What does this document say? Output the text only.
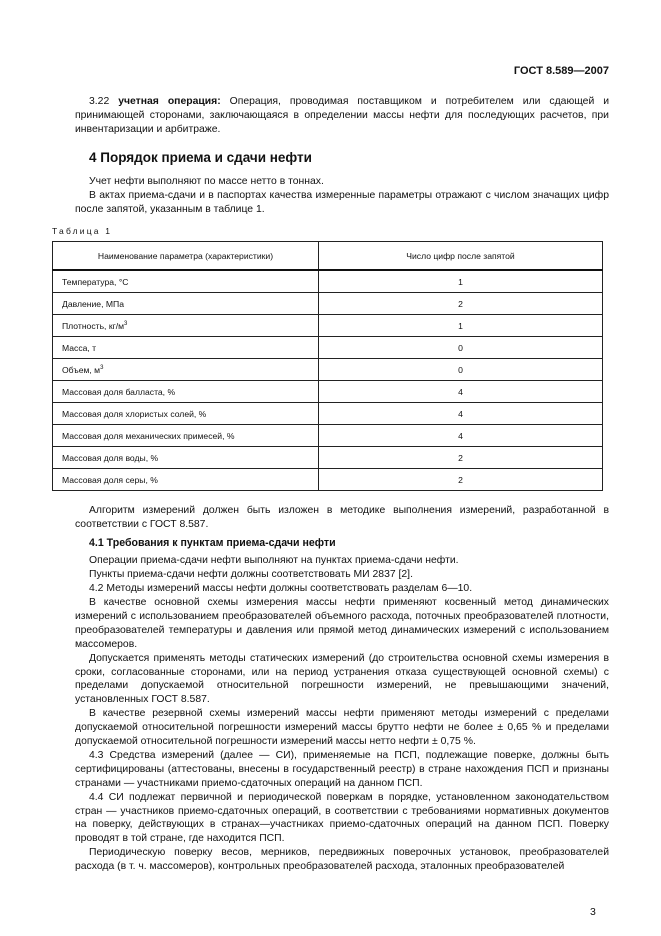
ГОСТ 8.589—2007
3.22 учетная операция: Операция, проводимая поставщиком и потребителем или сдающей и принимающей сторонами, заключающаяся в определении массы нефти для последующих расчетов, при инвентаризации и арбитраже.
4 Порядок приема и сдачи нефти
Учет нефти выполняют по массе нетто в тоннах.
В актах приема-сдачи и в паспортах качества измеренные параметры отражают с числом значащих цифр после запятой, указанным в таблице 1.
Таблица 1
Наименование параметра (характеристики)	Число цифр после запятой
Температура, °С	1
Давление, МПа	2
Плотность, $кг/м^3$	1
Масса, т	0
Объем, $м^3$	0
Массовая доля балласта, %	4
Массовая доля хлористых солей, %	4
Массовая доля механических примесей, %	4
Массовая доля воды, %	2
Массовая доля серы, %	2
Алгоритм измерений должен быть изложен в методике выполнения измерений, разработанной в соответствии с ГОСТ 8.587.
4.1 Требования к пунктам приема-сдачи нефти
Операции приема-сдачи нефти выполняют на пунктах приема-сдачи нефти.
Пункты приема-сдачи нефти должны соответствовать МИ 2837 [2].
4.2 Методы измерений массы нефти должны соответствовать разделам 6—10.
В качестве основной схемы измерения массы нефти применяют косвенный метод динамических измерений с использованием преобразователей объемного расхода, поточных преобразователей плотности, преобразователей температуры и давления или прямой метод динамических измерений с использованием массомеров.
Допускается применять методы статических измерений (до строительства основной схемы измерения в сроки, согласованные сторонами, или на период устранения отказа существующей основной схемы) с пределами допускаемой относительной погрешности измерений, не превышающими значений, установленных ГОСТ 8.587.
В качестве резервной схемы измерений массы нефти применяют методы измерений с пределами допускаемой относительной погрешности измерений массы брутто нефти не более ± 0,65 % и пределами допускаемой относительной погрешности измерений массы нетто нефти ± 0,75 %.
4.3 Средства измерений (далее — СИ), применяемые на ПСП, подлежащие поверке, должны быть сертифицированы (аттестованы, внесены в государственный реестр) в стране нахождения ПСП и признаны странами — участниками приемо-сдаточных операций на данном ПСП.
4.4 СИ подлежат первичной и периодической поверкам в порядке, установленном законодательством стран — участников приемо-сдаточных операций, в соответствии с требованиями нормативных документов на поверку, действующих в странах—участниках приемо-сдаточных операций на данном ПСП. Поверку проводят в той стране, где находится ПСП.
Периодическую поверку весов, мерников, передвижных поверочных установок, преобразователей расхода (в т. ч. массомеров), контрольных преобразователей расхода, эталонных преобразователей
3
